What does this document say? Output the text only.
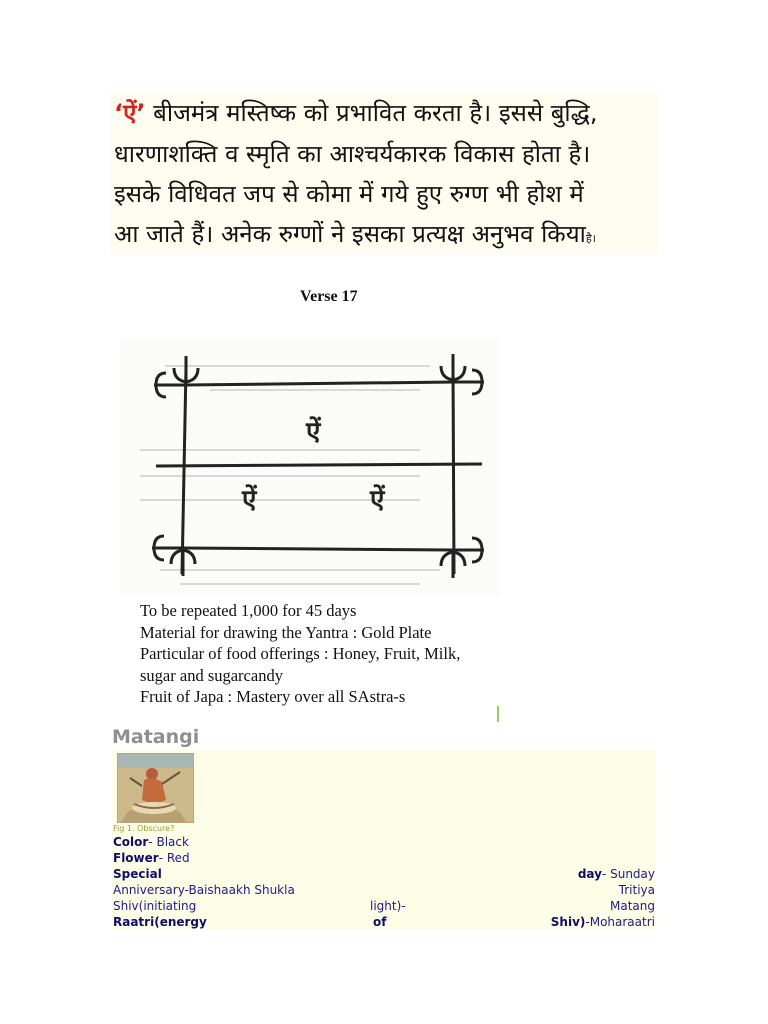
‘ऐं’ बीजमंत्र मस्तिष्क को प्रभावित करता है। इससे बुद्धि,
धारणाशक्ति व स्मृति का आश्चर्यकारक विकास होता है।
इसके विधिवत जप से कोमा में गये हुए रुग्ण भी होश में
आ जाते हैं। अनेक रुग्णों ने इसका प्रत्यक्ष अनुभव कियाहै।
Verse 17
ऐं
ऐं	ऐं
To be repeated 1,000 for 45 days
Material for drawing the Yantra : Gold Plate
Particular of food offerings : Honey, Fruit, Milk,
sugar and sugarcandy
Fruit of Japa : Mastery over all SAstra-s
Matangi
Fig 1. Obscure?
Color- Black
Flower- Red
Special	day- Sunday
Anniversary-Baishaakh Shukla	Tritiya
Shiv(initiating	light)-	Matang
Raatri(energy	of	Shiv)-Moharaatri
